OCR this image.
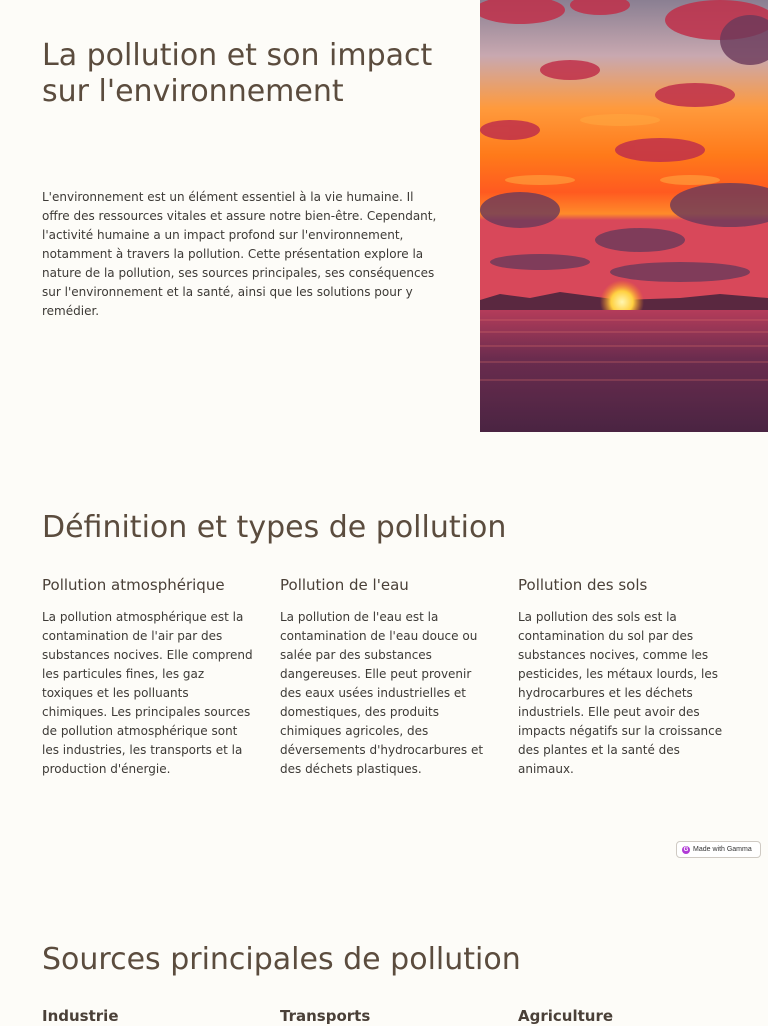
La pollution et son impact sur l'environnement

L'environnement est un élément essentiel à la vie humaine. Il offre des ressources vitales et assure notre bien-être. Cependant, l'activité humaine a un impact profond sur l'environnement, notamment à travers la pollution. Cette présentation explore la nature de la pollution, ses sources principales, ses conséquences sur l'environnement et la santé, ainsi que les solutions pour y remédier.

Définition et types de pollution
Pollution atmosphérique

La pollution atmosphérique est la contamination de l'air par des substances nocives. Elle comprend les particules fines, les gaz toxiques et les polluants chimiques. Les principales sources de pollution atmosphérique sont les industries, les transports et la production d'énergie.

Pollution de l'eau

La pollution de l'eau est la contamination de l'eau douce ou salée par des substances dangereuses. Elle peut provenir des eaux usées industrielles et domestiques, des produits chimiques agricoles, des déversements d'hydrocarbures et des déchets plastiques.

Pollution des sols

La pollution des sols est la contamination du sol par des substances nocives, comme les pesticides, les métaux lourds, les hydrocarbures et les déchets industriels. Elle peut avoir des impacts négatifs sur la croissance des plantes et la santé des animaux.

G Made with Gamma
Sources principales de pollution
Industrie	Transports	Agriculture
